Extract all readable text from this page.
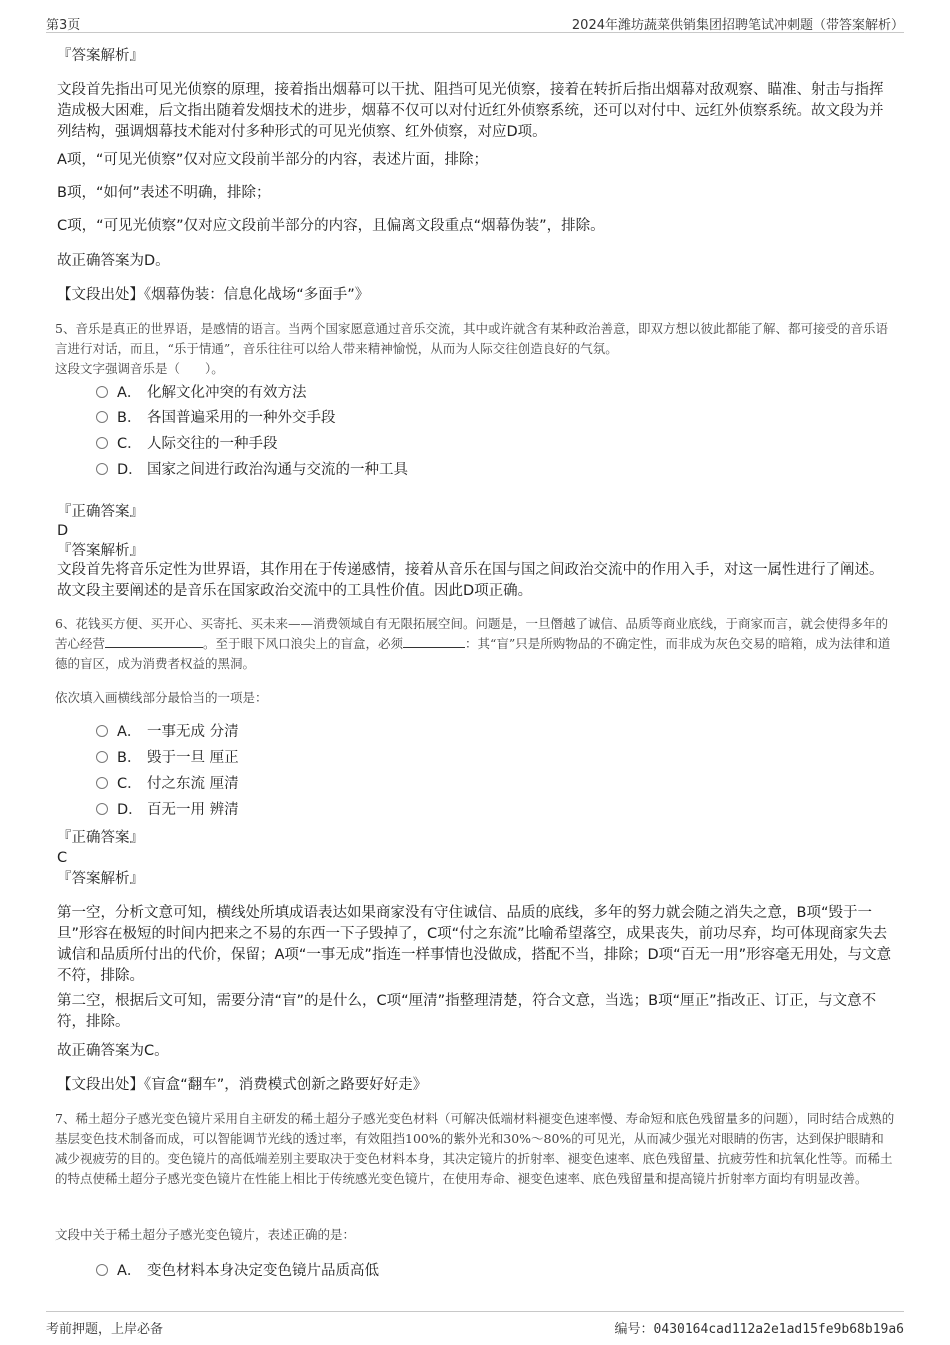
第3页	2024年潍坊蔬菜供销集团招聘笔试冲刺题（带答案解析）
『答案解析』
文段首先指出可见光侦察的原理，接着指出烟幕可以干扰、阻挡可见光侦察，接着在转折后指出烟幕对敌观察、瞄准、射击与指挥造成极大困难，后文指出随着发烟技术的进步，烟幕不仅可以对付近红外侦察系统，还可以对付中、远红外侦察系统。故文段为并列结构，强调烟幕技术能对付多种形式的可见光侦察、红外侦察，对应D项。
A项，“可见光侦察”仅对应文段前半部分的内容，表述片面，排除；
B项，“如何”表述不明确，排除；
C项，“可见光侦察”仅对应文段前半部分的内容，且偏离文段重点“烟幕伪装”，排除。
故正确答案为D。
【文段出处】《烟幕伪装：信息化战场“多面手”》
5、音乐是真正的世界语，是感情的语言。当两个国家愿意通过音乐交流，其中或许就含有某种政治善意，即双方想以彼此都能了解、都可接受的音乐语言进行对话，而且，“乐于情通”，音乐往往可以给人带来精神愉悦，从而为人际交往创造良好的气氛。
这段文字强调音乐是（　　）。
A． 化解文化冲突的有效方法
B． 各国普遍采用的一种外交手段
C． 人际交往的一种手段
D． 国家之间进行政治沟通与交流的一种工具
『正确答案』
D
『答案解析』
文段首先将音乐定性为世界语，其作用在于传递感情，接着从音乐在国与国之间政治交流中的作用入手，对这一属性进行了阐述。故文段主要阐述的是音乐在国家政治交流中的工具性价值。因此D项正确。
6、花钱买方便、买开心、买寄托、买未来——消费领域自有无限拓展空间。问题是，一旦僭越了诚信、品质等商业底线，于商家而言，就会使得多年的苦心经营	。至于眼下风口浪尖上的盲盒，必须	：其“盲”只是所购物品的不确定性，而非成为灰色交易的暗箱，成为法律和道德的盲区，成为消费者权益的黑洞。
依次填入画横线部分最恰当的一项是：
A． 一事无成 分清
B． 毁于一旦 厘正
C． 付之东流 厘清
D． 百无一用 辨清
『正确答案』
C
『答案解析』
第一空，分析文意可知，横线处所填成语表达如果商家没有守住诚信、品质的底线，多年的努力就会随之消失之意，B项“毁于一旦”形容在极短的时间内把来之不易的东西一下子毁掉了，C项“付之东流”比喻希望落空，成果丧失，前功尽弃，均可体现商家失去诚信和品质所付出的代价，保留；A项“一事无成”指连一样事情也没做成，搭配不当，排除；D项“百无一用”形容毫无用处，与文意不符，排除。
第二空，根据后文可知，需要分清“盲”的是什么，C项“厘清”指整理清楚，符合文意，当选；B项“厘正”指改正、订正，与文意不符，排除。
故正确答案为C。
【文段出处】《盲盒“翻车”，消费模式创新之路要好好走》
7、稀土超分子感光变色镜片采用自主研发的稀土超分子感光变色材料（可解决低端材料褪变色速率慢、寿命短和底色残留量多的问题），同时结合成熟的基层变色技术制备而成，可以智能调节光线的透过率，有效阻挡100%的紫外光和30%～80%的可见光，从而减少强光对眼睛的伤害，达到保护眼睛和减少视疲劳的目的。变色镜片的高低端差别主要取决于变色材料本身，其决定镜片的折射率、褪变色速率、底色残留量、抗疲劳性和抗氧化性等。而稀土的特点使稀土超分子感光变色镜片在性能上相比于传统感光变色镜片，在使用寿命、褪变色速率、底色残留量和提高镜片折射率方面均有明显改善。
文段中关于稀土超分子感光变色镜片，表述正确的是：
A． 变色材料本身决定变色镜片品质高低
考前押题，上岸必备	编号：0430164cad112a2e1ad15fe9b68b19a6
